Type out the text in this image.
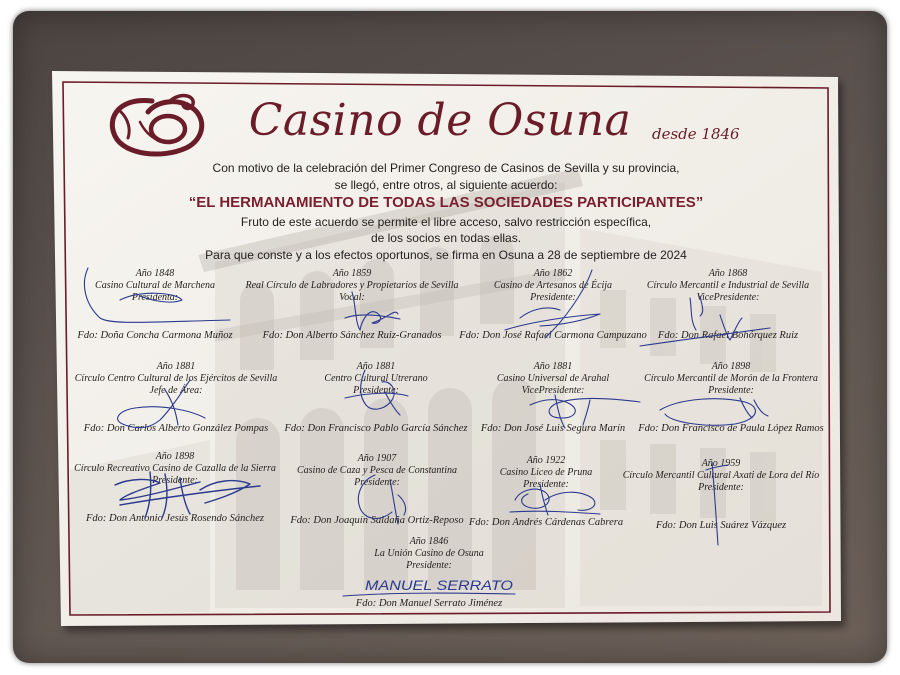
Casino de Osuna	desde 1846
Con motivo de la celebración del Primer Congreso de Casinos de Sevilla y su provincia,
se llegó, entre otros, al siguiente acuerdo:
“EL HERMANAMIENTO DE TODAS LAS SOCIEDADES PARTICIPANTES”
Fruto de este acuerdo se permite el libre acceso, salvo restricción específica,
de los socios en todas ellas.
Para que conste y a los efectos oportunos, se firma en Osuna a 28 de septiembre de 2024
Año 1848
Casino Cultural de Marchena
Presidenta:
Fdo: Doña Concha Carmona Muñoz
Año 1859
Real Círculo de Labradores y Propietarios de Sevilla
Vocal:
Fdo: Don Alberto Sánchez Ruiz-Granados
Año 1862
Casino de Artesanos de Écija
Presidente:
Fdo: Don José Rafael Carmona Campuzano
Año 1868
Círculo Mercantil e Industrial de Sevilla
VicePresidente:
Fdo: Don Rafael Bohórquez Ruiz
Año 1881
Círculo Centro Cultural de los Ejércitos de Sevilla
Jefe de Área:
Fdo: Don Carlos Alberto González Pompas
Año 1881
Centro Cultural Utrerano
Presidente:
Fdo: Don Francisco Pablo García Sánchez
Año 1881
Casino Universal de Arahal
VicePresidente:
Fdo: Don José Luis Segura Marín
Año 1898
Círculo Mercantil de Morón de la Frontera
Presidente:
Fdo: Don Francisco de Paula López Ramos
Año 1898
Círculo Recreativo Casino de Cazalla de la Sierra
Presidente:
Fdo: Don Antonio Jesús Rosendo Sánchez
Año 1907
Casino de Caza y Pesca de Constantina
Presidente:
Fdo: Don Joaquín Saldaña Ortiz-Reposo
Año 1922
Casino Liceo de Pruna
Presidente:
Fdo: Don Andrés Cárdenas Cabrera
Año 1959
Círculo Mercantil Cultural Axati de Lora del Río
Presidente:
Fdo: Don Luis Suárez Vázquez
Año 1846
La Unión Casino de Osuna
Presidente:
Fdo: Don Manuel Serrato Jiménez
MANUEL SERRATO
